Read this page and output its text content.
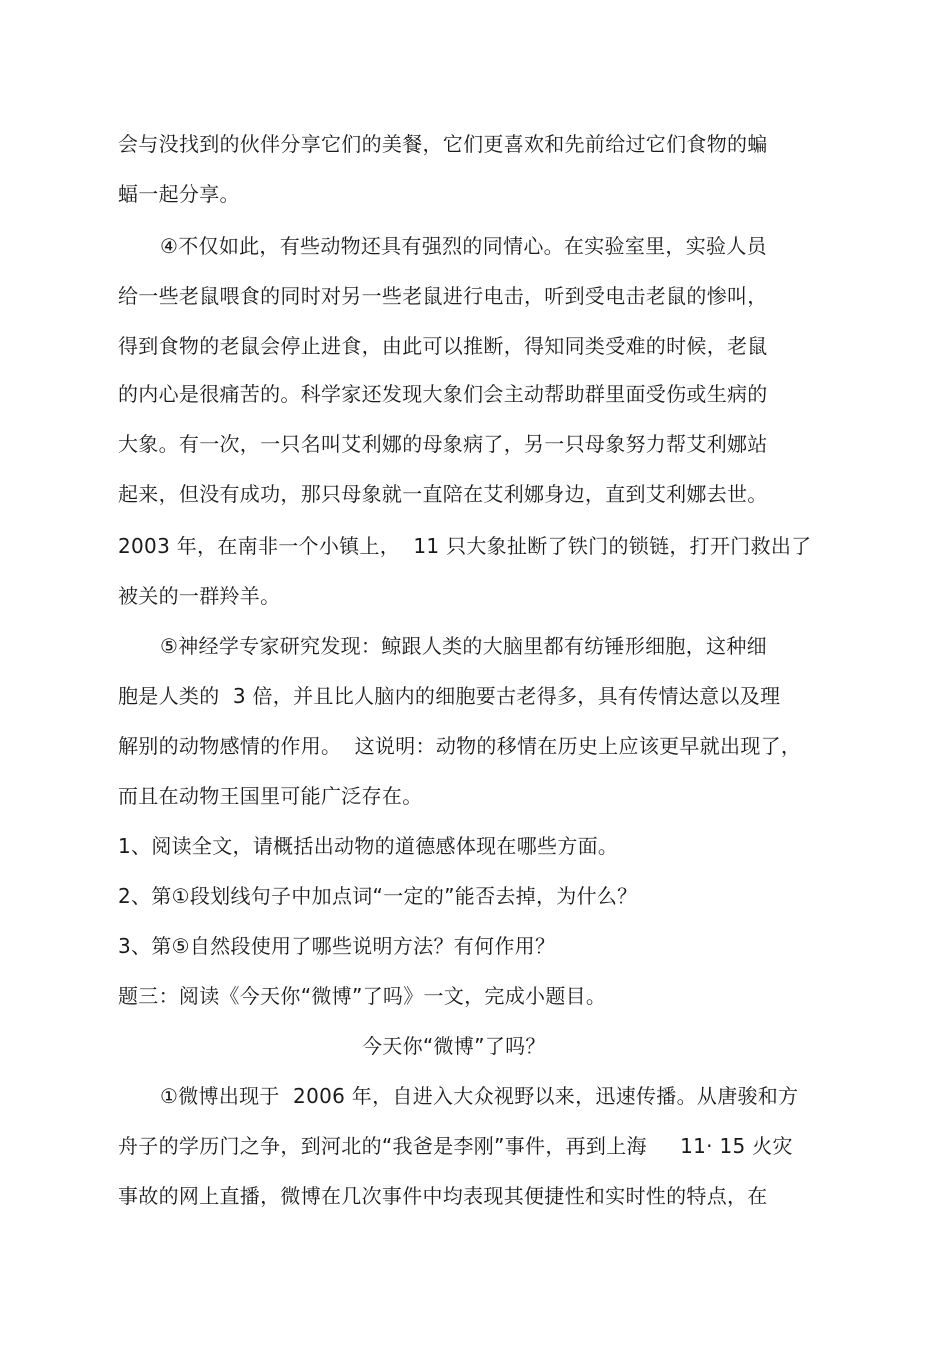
会与没找到的伙伴分享它们的美餐，它们更喜欢和先前给过它们食物的蝙
蝠一起分享。
④不仅如此，有些动物还具有强烈的同情心。在实验室里，实验人员
给一些老鼠喂食的同时对另一些老鼠进行电击，听到受电击老鼠的惨叫，
得到食物的老鼠会停止进食，由此可以推断，得知同类受难的时候，老鼠
的内心是很痛苦的。科学家还发现大象们会主动帮助群里面受伤或生病的
大象。有一次，一只名叫艾利娜的母象病了，另一只母象努力帮艾利娜站
起来，但没有成功，那只母象就一直陪在艾利娜身边，直到艾利娜去世。
2003 年，在南非一个小镇上，  11 只大象扯断了铁门的锁链，打开门救出了
被关的一群羚羊。
⑤神经学专家研究发现：鲸跟人类的大脑里都有纺锤形细胞，这种细
胞是人类的  3 倍，并且比人脑内的细胞要古老得多，具有传情达意以及理
解别的动物感情的作用。  这说明：动物的移情在历史上应该更早就出现了，
而且在动物王国里可能广泛存在。
1、阅读全文，请概括出动物的道德感体现在哪些方面。
2、第①段划线句子中加点词“一定的”能否去掉，为什么？
3、第⑤自然段使用了哪些说明方法？有何作用？
题三：阅读《今天你“微博”了吗》一文，完成小题目。
今天你“微博”了吗？
①微博出现于  2006 年，自进入大众视野以来，迅速传播。从唐骏和方
舟子的学历门之争，到河北的“我爸是李刚”事件，再到上海     11· 15 火灾
事故的网上直播，微博在几次事件中均表现其便捷性和实时性的特点，在
